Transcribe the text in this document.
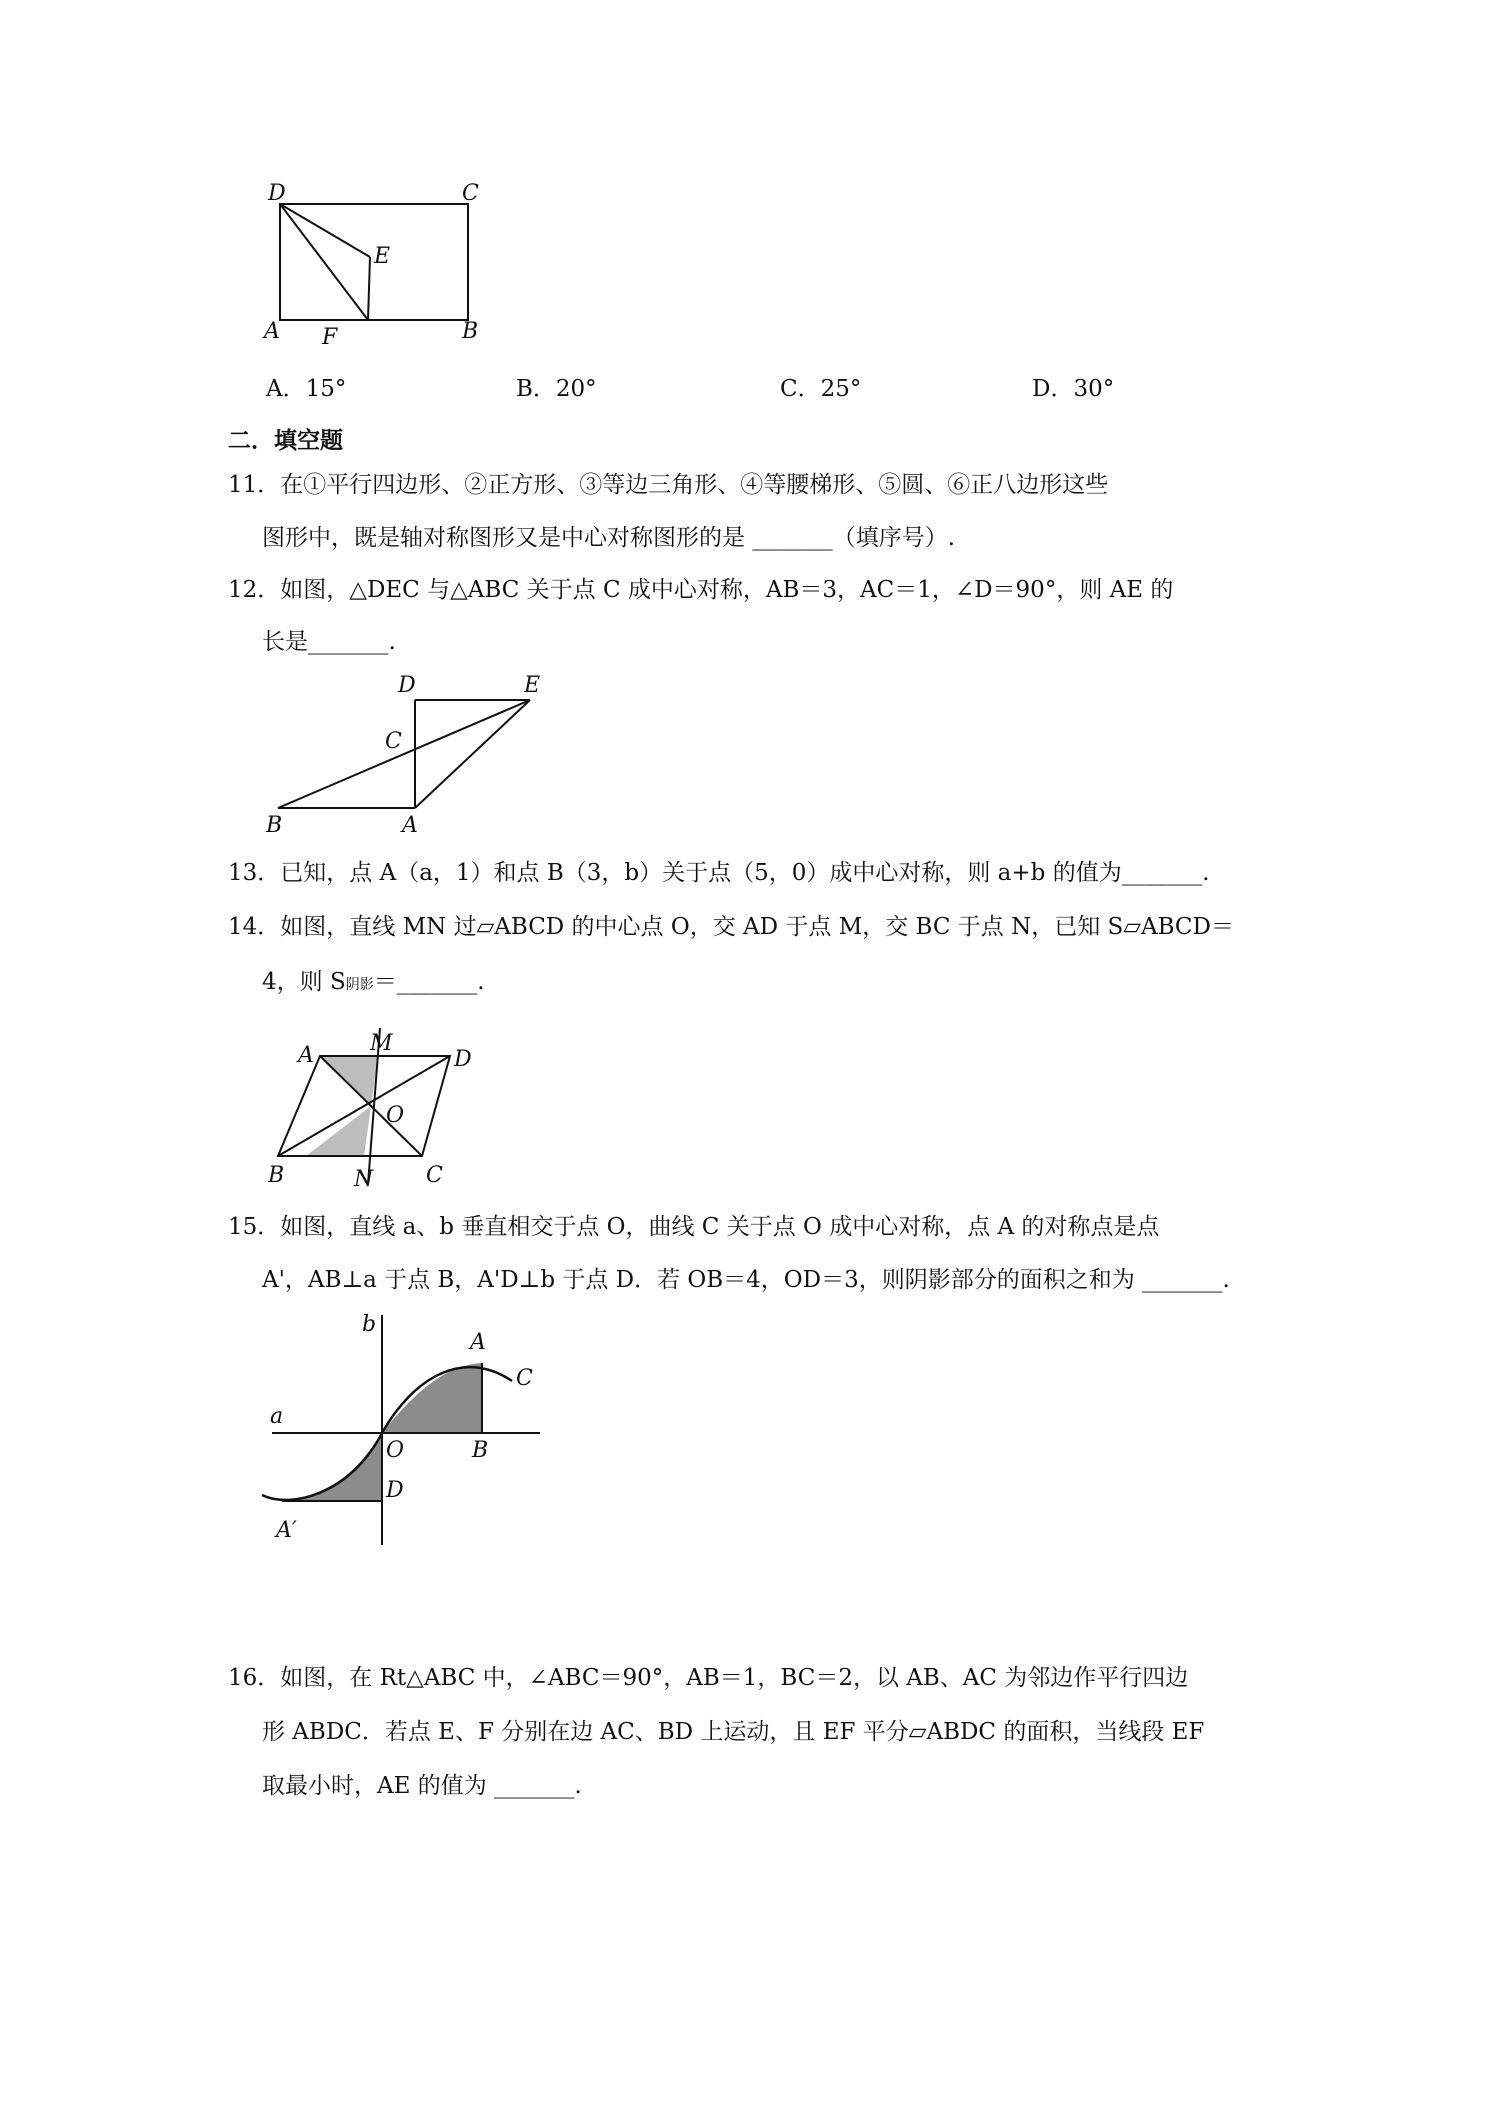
D	C
E
A F	B
A．15°	B．20°	C．25°	D．30°
二．填空题
11．在①平行四边形、②正方形、③等边三角形、④等腰梯形、⑤圆、⑥正八边形这些
图形中，既是轴对称图形又是中心对称图形的是 _______（填序号）.
12．如图，△DEC 与△ABC 关于点 C 成中心对称，AB＝3，AC＝1，∠D＝90°，则 AE 的
长是_______.
D	E
C
B	A
13．已知，点 A（a，1）和点 B（3，b）关于点（5，0）成中心对称，则 a+b 的值为_______.
14．如图，直线 MN 过▱ABCD 的中心点 O，交 AD 于点 M，交 BC 于点 N，已知 S▱ABCD＝
4，则 S阴影＝_______.
A	M
D
O
B	N C
15．如图，直线 a、b 垂直相交于点 O，曲线 C 关于点 O 成中心对称，点 A 的对称点是点
A'，AB⊥a 于点 B，A'D⊥b 于点 D．若 OB＝4，OD＝3，则阴影部分的面积之和为 _______.
b
A
C
a
O	B
D
A′
16．如图，在 Rt△ABC 中，∠ABC＝90°，AB＝1，BC＝2，以 AB、AC 为邻边作平行四边
形 ABDC．若点 E、F 分别在边 AC、BD 上运动，且 EF 平分▱ABDC 的面积，当线段 EF
取最小时，AE 的值为 _______.
